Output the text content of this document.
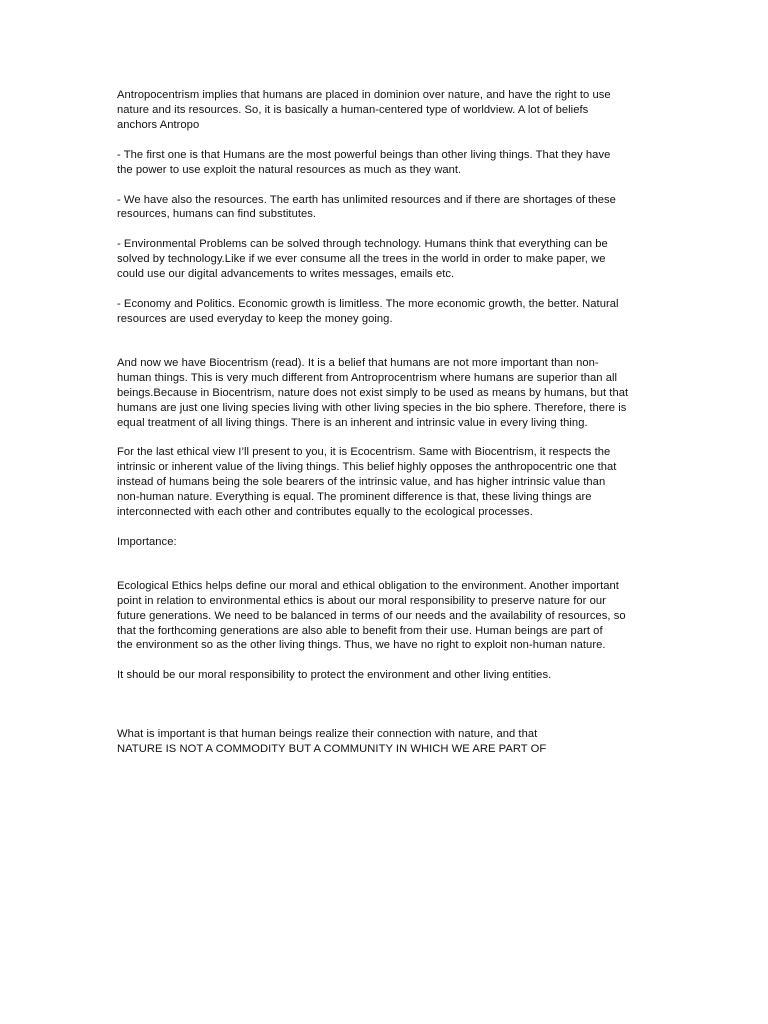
Antropocentrism implies that humans are placed in dominion over nature, and have the right to use
nature and its resources. So, it is basically a human-centered type of worldview. A lot of beliefs
anchors Antropo

- The first one is that Humans are the most powerful beings than other living things. That they have
the power to use exploit the natural resources as much as they want.

- We have also the resources. The earth has unlimited resources and if there are shortages of these
resources, humans can find substitutes.

- Environmental Problems can be solved through technology. Humans think that everything can be
solved by technology.Like if we ever consume all the trees in the world in order to make paper, we
could use our digital advancements to writes messages, emails etc.

- Economy and Politics. Economic growth is limitless. The more economic growth, the better. Natural
resources are used everyday to keep the money going.

And now we have Biocentrism (read). It is a belief that humans are not more important than non-
human things. This is very much different from Antroprocentrism where humans are superior than all
beings.Because in Biocentrism, nature does not exist simply to be used as means by humans, but that
humans are just one living species living with other living species in the bio sphere. Therefore, there is
equal treatment of all living things. There is an inherent and intrinsic value in every living thing.

For the last ethical view I’ll present to you, it is Ecocentrism. Same with Biocentrism, it respects the
intrinsic or inherent value of the living things. This belief highly opposes the anthropocentric one that
instead of humans being the sole bearers of the intrinsic value, and has higher intrinsic value than
non-human nature. Everything is equal. The prominent difference is that, these living things are
interconnected with each other and contributes equally to the ecological processes.

Importance:

Ecological Ethics helps define our moral and ethical obligation to the environment. Another important
point in relation to environmental ethics is about our moral responsibility to preserve nature for our
future generations. We need to be balanced in terms of our needs and the availability of resources, so
that the forthcoming generations are also able to benefit from their use. Human beings are part of
the environment so as the other living things. Thus, we have no right to exploit non-human nature.

It should be our moral responsibility to protect the environment and other living entities.

What is important is that human beings realize their connection with nature, and that
NATURE IS NOT A COMMODITY BUT A COMMUNITY IN WHICH WE ARE PART OF
